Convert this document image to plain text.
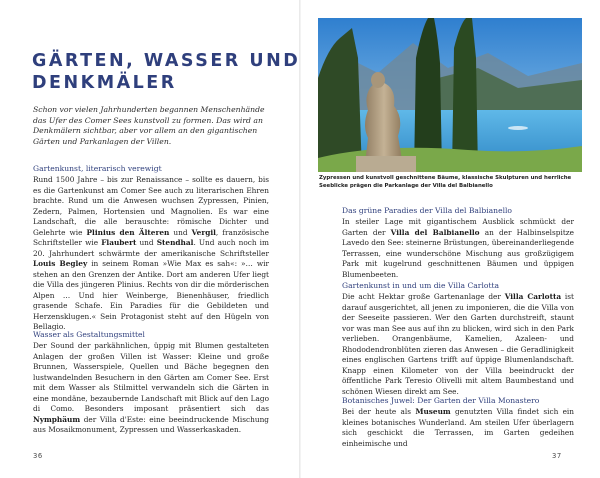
GÄRTEN, WASSER UND
DENKMÄLER

Schon vor vielen Jahrhunderten begannen Menschenhände das Ufer des Comer Sees kunstvoll zu formen. Das wird an Denkmälern sichtbar, aber vor allem an den gigantischen Gärten und Parkanlagen der Villen.

Gartenkunst, literarisch verewigt

Rund 1500 Jahre – bis zur Renaissance – sollte es dauern, bis es die Gartenkunst am Comer See auch zu literarischen Ehren brachte. Rund um die Anwesen wuchsen Zypressen, Pinien, Zedern, Palmen, Hortensien und Magnolien. Es war eine Landschaft, die alle berauschte: römische Dichter und Gelehrte wie Plinius den Älteren und Vergil, französische Schriftsteller wie Flaubert und Stendhal. Und auch noch im 20. Jahrhundert schwärmte der amerikanische Schriftsteller Louis Begley in seinem Roman »Wie Max es sah«: »… wir stehen an den Grenzen der Antike. Dort am anderen Ufer liegt die Villa des jüngeren Plinius. Rechts von dir die mörderischen Alpen … Und hier Weinberge, Bienenhäuser, friedlich grasende Schafe. Ein Paradies für die Gebildeten und Herzensklugen.« Sein Protagonist steht auf den Hügeln von Bellagio.

Wasser als Gestaltungsmittel

Der Sound der parkähnlichen, üppig mit Blumen gestalteten Anlagen der großen Villen ist Wasser: Kleine und große Brunnen, Wasserspiele, Quellen und Bäche begegnen den lustwandelnden Besuchern in den Gärten am Comer See. Erst mit dem Wasser als Stilmittel verwandeln sich die Gärten in eine mondäne, bezaubernde Landschaft mit Blick auf den Lago di Como. Besonders imposant präsentiert sich das Nymphäum der Villa d'Este: eine beeindruckende Mischung aus Mosaikmonument, Zypressen und Wasserkaskaden.

36

Zypressen und kunstvoll geschnittene Bäume, klassische Skulpturen und herrliche Seeblicke prägen die Parkanlage der Villa del Balbianello

Das grüne Paradies der Villa del Balbianello

In steiler Lage mit gigantischem Ausblick schmückt der Garten der Villa del Balbianello an der Halbinselspitze Lavedo den See: steinerne Brüstungen, übereinanderliegende Terrassen, eine wunderschöne Mischung aus großzügigem Park mit kugelrund geschnittenen Bäumen und üppigen Blumenbeeten.

Gartenkunst in und um die Villa Carlotta

Die acht Hektar große Gartenanlage der Villa Carlotta ist darauf ausgerichtet, all jenen zu imponieren, die die Villa von der Seeseite passieren. Wer den Garten durchstreift, staunt vor was man See aus auf ihn zu blicken, wird sich in den Park verlieben. Orangenbäume, Kamelien, Azaleen- und Rhododendronblüten zieren das Anwesen – die Geradlinigkeit eines englischen Gartens trifft auf üppige Blumenlandschaft. Knapp einen Kilometer von der Villa beeindruckt der öffentliche Park Teresio Olivelli mit altem Baumbestand und schönen Wiesen direkt am See.

Botanisches Juwel: Der Garten der Villa Monastero

Bei der heute als Museum genutzten Villa findet sich ein kleines botanisches Wunderland. Am steilen Ufer überlagern sich geschickt die Terrassen, im Garten gedeihen einheimische und

37
